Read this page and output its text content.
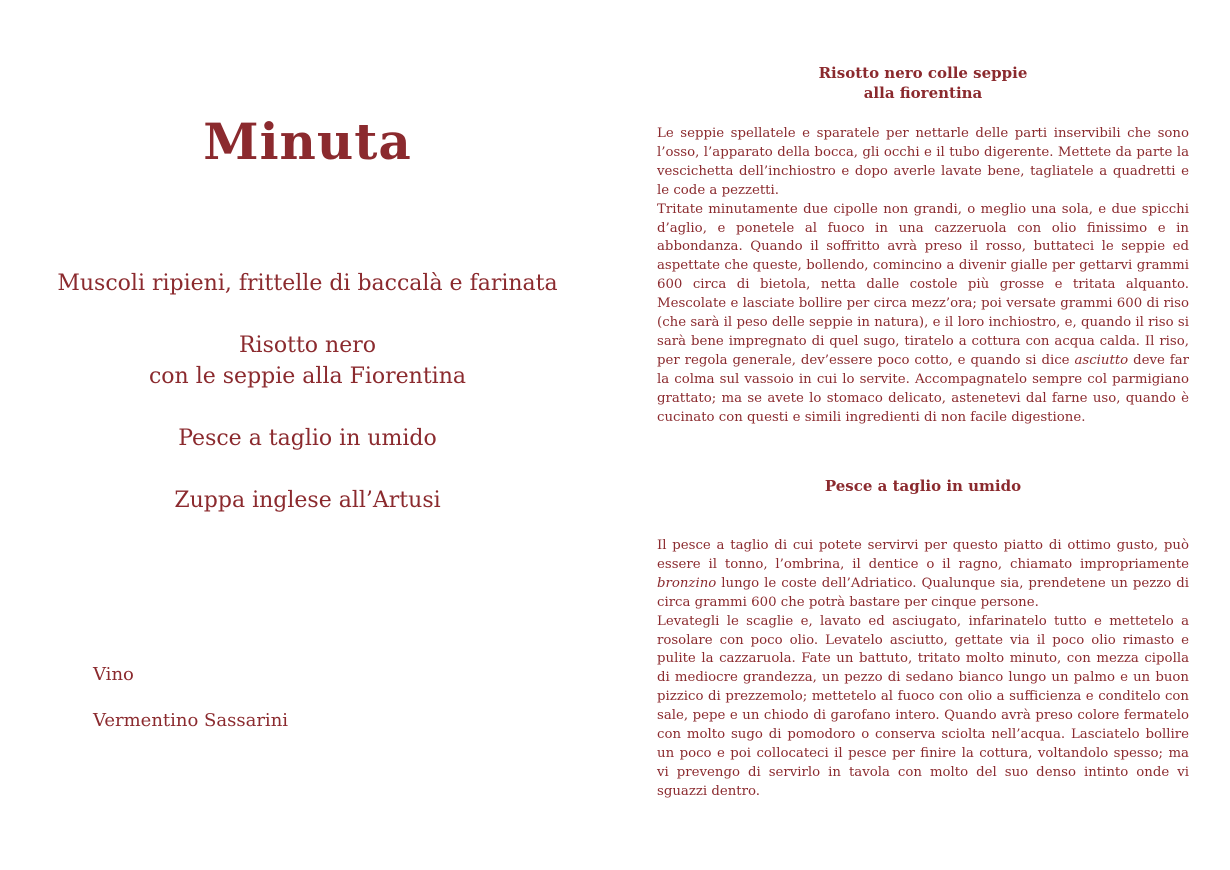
Minuta
Muscoli ripieni, frittelle di baccalà e farinata
Risotto nero
con le seppie alla Fiorentina
Pesce a taglio in umido
Zuppa inglese all’Artusi

Vino

Vermentino Sassarini

Risotto nero colle seppie
alla fiorentina

Le seppie spellatele e sparatele per nettarle delle parti inservibili che sono l’osso, l’apparato della bocca, gli occhi e il tubo digerente. Mettete da parte la vescichetta dell’inchiostro e dopo averle lavate bene, tagliatele a quadretti e le code a pezzetti.

Tritate minutamente due cipolle non grandi, o meglio una sola, e due spicchi d’aglio, e ponetele al fuoco in una cazzeruola con olio finissimo e in abbondanza. Quando il soffritto avrà preso il rosso, buttateci le seppie ed aspettate che queste, bollendo, comincino a divenir gialle per gettarvi grammi 600 circa di bietola, netta dalle costole più grosse e tritata alquanto. Mescolate e lasciate bollire per circa mezz’ora; poi versate grammi 600 di riso (che sarà il peso delle seppie in natura), e il loro inchiostro, e, quando il riso si sarà bene impregnato di quel sugo, tiratelo a cottura con acqua calda. Il riso, per regola generale, dev’essere poco cotto, e quando si dice asciutto deve far la colma sul vassoio in cui lo servite. Accompagnatelo sempre col parmigiano grattato; ma se avete lo stomaco delicato, astenetevi dal farne uso, quando è cucinato con questi e simili ingredienti di non facile digestione.

Pesce a taglio in umido

Il pesce a taglio di cui potete servirvi per questo piatto di ottimo gusto, può essere il tonno, l’ombrina, il dentice o il ragno, chiamato impropriamente bronzino lungo le coste dell’Adriatico. Qualunque sia, prendetene un pezzo di circa grammi 600 che potrà bastare per cinque persone.

Levategli le scaglie e, lavato ed asciugato, infarinatelo tutto e mettetelo a rosolare con poco olio. Levatelo asciutto, gettate via il poco olio rimasto e pulite la cazzaruola. Fate un battuto, tritato molto minuto, con mezza cipolla di mediocre grandezza, un pezzo di sedano bianco lungo un palmo e un buon pizzico di prezzemolo; mettetelo al fuoco con olio a sufficienza e conditelo con sale, pepe e un chiodo di garofano intero. Quando avrà preso colore fermatelo con molto sugo di pomodoro o conserva sciolta nell’acqua. Lasciatelo bollire un poco e poi collocateci il pesce per finire la cottura, voltandolo spesso; ma vi prevengo di servirlo in tavola con molto del suo denso intinto onde vi sguazzi dentro.
